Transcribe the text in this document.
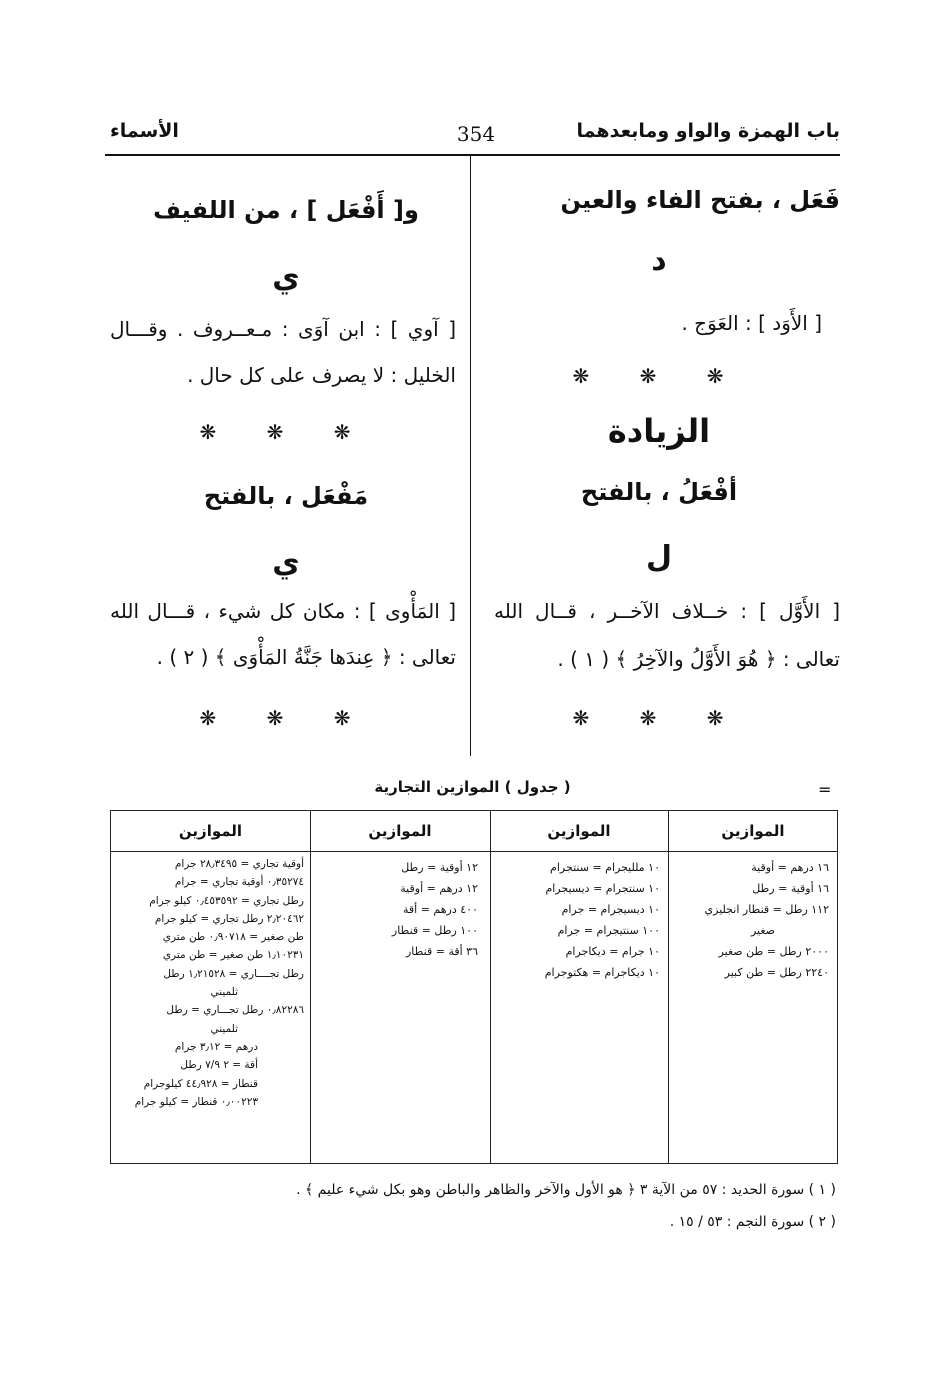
باب الهمزة والواو ومابعدهما
354
الأسماء
فَعَل ، بفتح الفاء والعين
د
[ الأَوَد ] : العَوَج .
❋ ❋ ❋
الزيادة
أفْعَلُ ، بالفتح
ل
[ الأَوَّل ] : خــلاف الآخــر ، قــال الله
تعالى : ﴿ هُوَ الأَوَّلُ والآخِرُ ﴾ ( ١ ) .
❋ ❋ ❋
و[ أَفْعَل ] ، من اللفيف
ي
[ آوي ] : ابن آوَى : مـعــروف . وقـــال
الخليل : لا يصرف على كل حال .
❋ ❋ ❋
مَفْعَل ، بالفتح
ي
[ المَأْوى ] : مكان كل شيء ، قـــال الله
تعالى : ﴿ عِندَها جَنَّةُ المَأْوَى ﴾ ( ٢ ) .
❋ ❋ ❋
( جدول ) الموازين التجارية	=
الموازين
١٦ درهم = أوقية
١٦ أوقية = رطل
١١٢ رطل = قنطار انجليزي
صغير
٢٠٠٠ رطل = طن صغير
٢٢٤٠ رطل = طن كبير
الموازين
١٠ ملليجرام = سنتجرام
١٠ سنتجرام = ديسيجرام
١٠ ديسيجرام = جرام
١٠٠ سنتيجرام = جرام
١٠ جرام = ديكاجرام
١٠ ديكاجرام = هكتوجرام
الموازين
١٢ أوقية = رطل
١٢ درهم = أوقية
٤٠٠ درهم = أقة
١٠٠ رطل = قنطار
٣٦ أقة = قنطار
الموازين
أوقية تجاري = ٢٨٫٣٤٩٥ جرام
٠٫٣٥٢٧٤ أوقية تجاري = جرام
رطل تجاري = ٠٫٤٥٣٥٩٢ كيلو جرام
٢٫٢٠٤٦٢ رطل تجاري = كيلو جرام
طن صغير = ٠٫٩٠٧١٨ طن متري
١٫١٠٢٣١ طن صغير = طن متري
رطل تجــــاري = ١٫٢١٥٢٨ رطل
ثلميني
٠٫٨٢٢٨٦ رطل تجـــاري = رطل
ثلميني
درهم = ٣٫١٢ جرام
أقة = ٢ ٧/٩ رطل
قنطار = ٤٤٫٩٢٨ كيلوجرام
٠٫٠٠٢٢٣ قنطار = كيلو جرام
( ١ ) سورة الحديد : ٥٧ من الآية ٣ ﴿ هو الأول والآخر والظاهر والباطن وهو بكل شيء عليم ﴾ .
( ٢ ) سورة النجم : ٥٣ / ١٥ .
